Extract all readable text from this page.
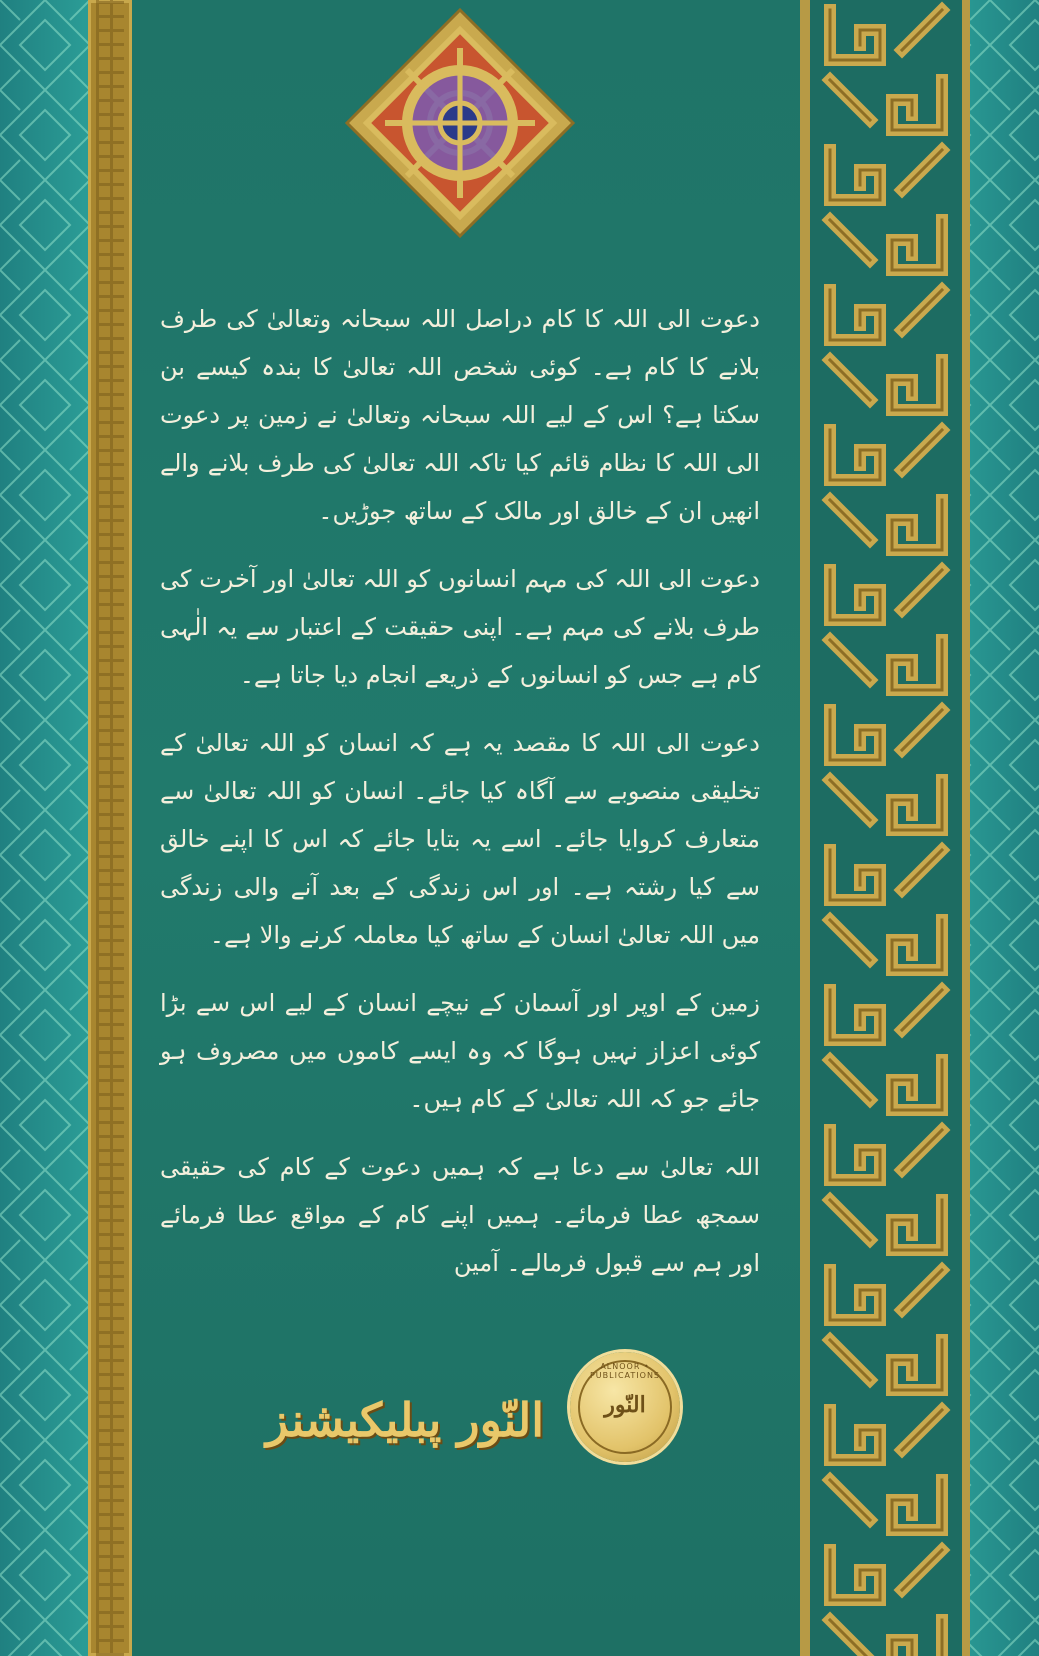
دعوت الی اللہ کا کام دراصل اللہ سبحانہ وتعالیٰ کی طرف بلانے کا کام ہے۔ کوئی شخص اللہ تعالیٰ کا بندہ کیسے بن سکتا ہے؟ اس کے لیے اللہ سبحانہ وتعالیٰ نے زمین پر دعوت الی اللہ کا نظام قائم کیا تاکہ اللہ تعالیٰ کی طرف بلانے والے انھیں ان کے خالق اور مالک کے ساتھ جوڑیں۔

دعوت الی اللہ کی مہم انسانوں کو اللہ تعالیٰ اور آخرت کی طرف بلانے کی مہم ہے۔ اپنی حقیقت کے اعتبار سے یہ الٰہی کام ہے جس کو انسانوں کے ذریعے انجام دیا جاتا ہے۔

دعوت الی اللہ کا مقصد یہ ہے کہ انسان کو اللہ تعالیٰ کے تخلیقی منصوبے سے آگاہ کیا جائے۔ انسان کو اللہ تعالیٰ سے متعارف کروایا جائے۔ اسے یہ بتایا جائے کہ اس کا اپنے خالق سے کیا رشتہ ہے۔ اور اس زندگی کے بعد آنے والی زندگی میں اللہ تعالیٰ انسان کے ساتھ کیا معاملہ کرنے والا ہے۔

زمین کے اوپر اور آسمان کے نیچے انسان کے لیے اس سے بڑا کوئی اعزاز نہیں ہوگا کہ وہ ایسے کاموں میں مصروف ہو جائے جو کہ اللہ تعالیٰ کے کام ہیں۔

اللہ تعالیٰ سے دعا ہے کہ ہمیں دعوت کے کام کی حقیقی سمجھ عطا فرمائے۔ ہمیں اپنے کام کے مواقع عطا فرمائے اور ہم سے قبول فرمالے۔ آمین

النّور پبلیکیشنز
ALNOOR • PUBLICATIONS
النّور
